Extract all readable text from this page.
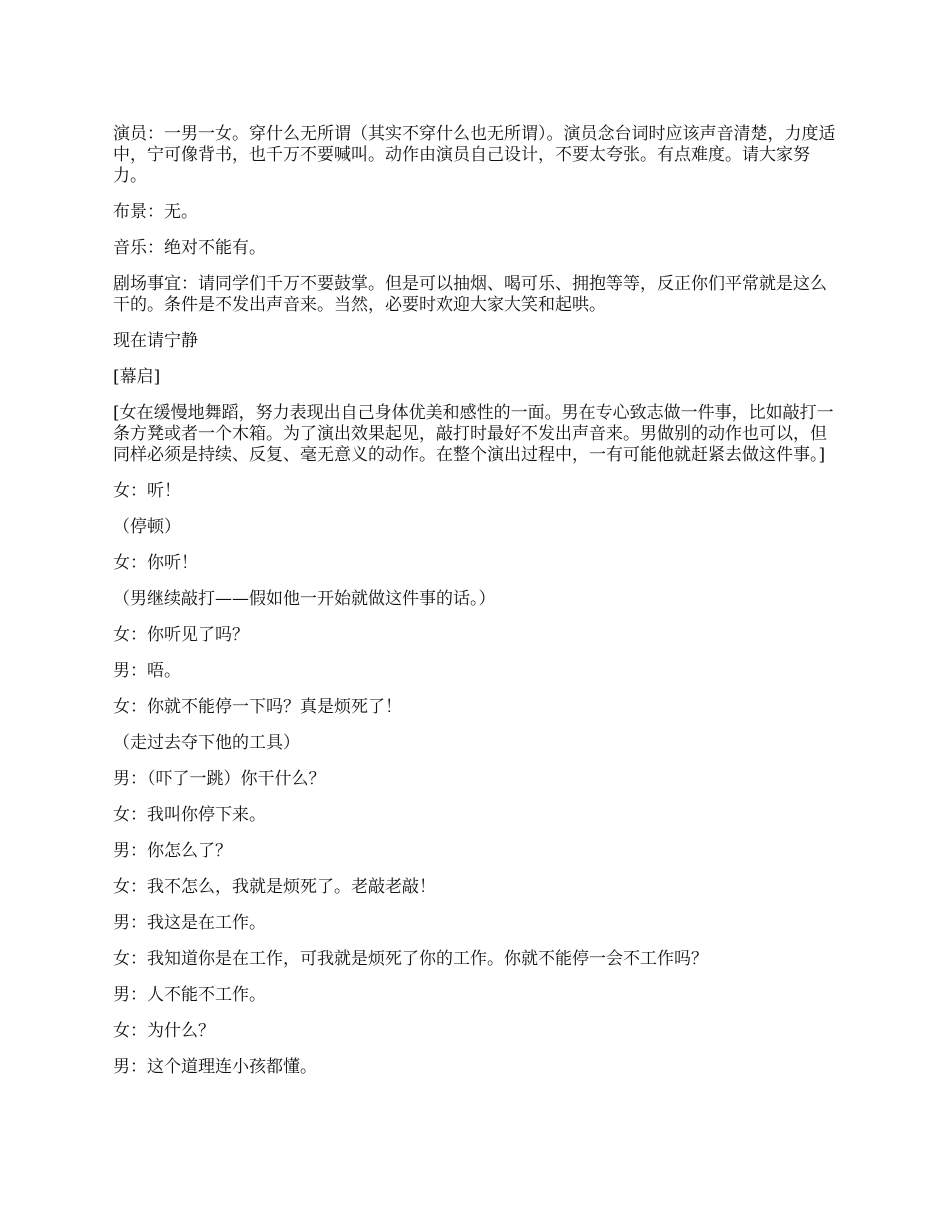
演员：一男一女。穿什么无所谓（其实不穿什么也无所谓）。演员念台词时应该声音清楚，力度适中，宁可像背书，也千万不要喊叫。动作由演员自己设计，不要太夸张。有点难度。请大家努力。

布景：无。

音乐：绝对不能有。

剧场事宜：请同学们千万不要鼓掌。但是可以抽烟、喝可乐、拥抱等等，反正你们平常就是这么干的。条件是不发出声音来。当然，必要时欢迎大家大笑和起哄。

现在请宁静

[幕启]

[女在缓慢地舞蹈，努力表现出自己身体优美和感性的一面。男在专心致志做一件事，比如敲打一条方凳或者一个木箱。为了演出效果起见，敲打时最好不发出声音来。男做别的动作也可以，但同样必须是持续、反复、毫无意义的动作。在整个演出过程中，一有可能他就赶紧去做这件事。]

女：听！

（停顿）

女：你听！

（男继续敲打——假如他一开始就做这件事的话。）

女：你听见了吗？

男：唔。

女：你就不能停一下吗？真是烦死了！

（走过去夺下他的工具）

男：（吓了一跳）你干什么？

女：我叫你停下来。

男：你怎么了？

女：我不怎么，我就是烦死了。老敲老敲！

男：我这是在工作。

女：我知道你是在工作，可我就是烦死了你的工作。你就不能停一会不工作吗？

男：人不能不工作。

女：为什么？

男：这个道理连小孩都懂。
